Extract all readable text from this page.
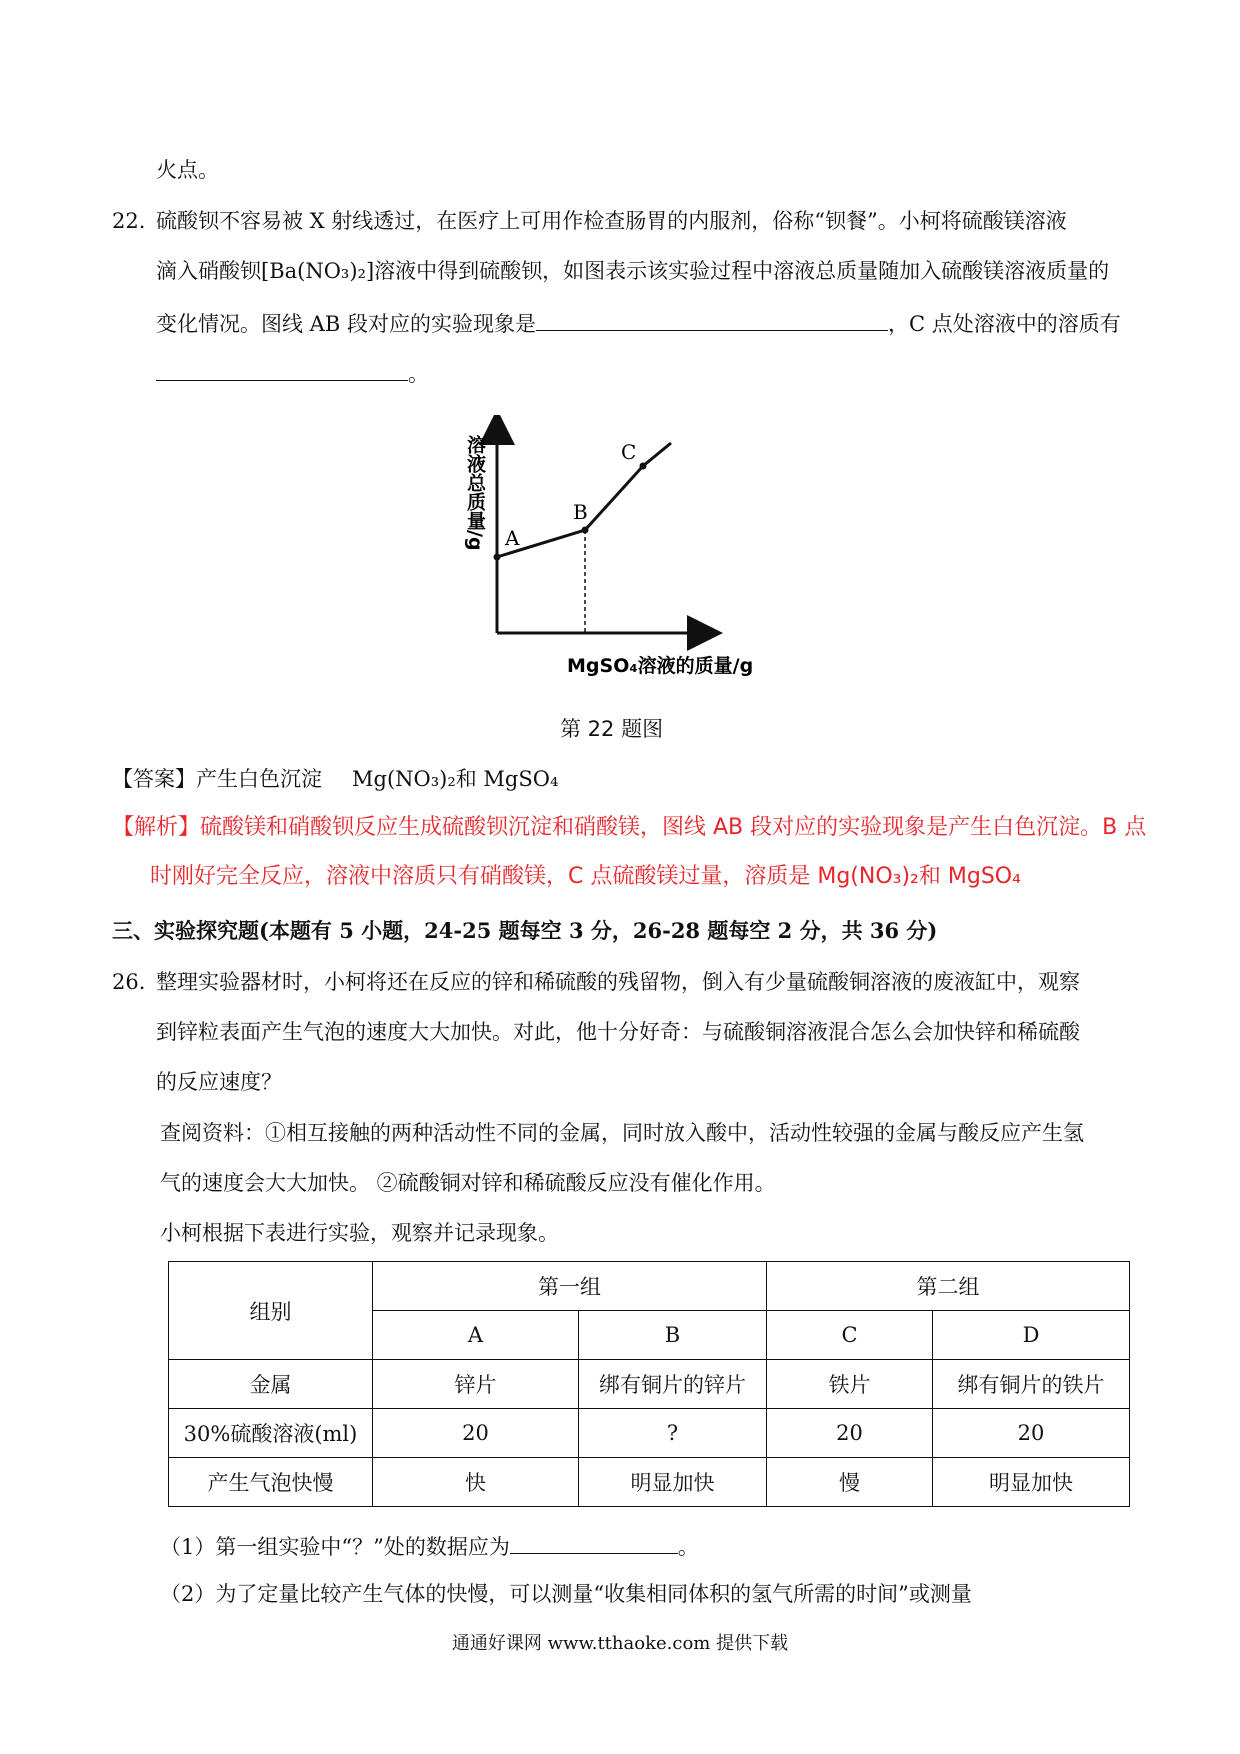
火点。
22. 硫酸钡不容易被 X 射线透过，在医疗上可用作检查肠胃的内服剂，俗称“钡餐”。小柯将硫酸镁溶液
滴入硝酸钡[Ba(NO₃)₂]溶液中得到硫酸钡，如图表示该实验过程中溶液总质量随加入硫酸镁溶液质量的
变化情况。图线 AB 段对应的实验现象是	，C 点处溶液中的溶质有
。
A
B
C
溶液总质量/g
MgSO₄溶液的质量/g
第 22 题图
【答案】产生白色沉淀 Mg(NO₃)₂和 MgSO₄
【解析】硫酸镁和硝酸钡反应生成硫酸钡沉淀和硝酸镁，图线 AB 段对应的实验现象是产生白色沉淀。B 点
时刚好完全反应，溶液中溶质只有硝酸镁，C 点硫酸镁过量，溶质是 Mg(NO₃)₂和 MgSO₄
三、实验探究题(本题有 5 小题，24-25 题每空 3 分，26-28 题每空 2 分，共 36 分)
26. 整理实验器材时，小柯将还在反应的锌和稀硫酸的残留物，倒入有少量硫酸铜溶液的废液缸中，观察
到锌粒表面产生气泡的速度大大加快。对此，他十分好奇：与硫酸铜溶液混合怎么会加快锌和稀硫酸
的反应速度？
查阅资料：①相互接触的两种活动性不同的金属，同时放入酸中，活动性较强的金属与酸反应产生氢
气的速度会大大加快。 ②硫酸铜对锌和稀硫酸反应没有催化作用。
小柯根据下表进行实验，观察并记录现象。
组别	第一组		第二组	
	A	B	C	D
金属	锌片	绑有铜片的锌片	铁片	绑有铜片的铁片
30%硫酸溶液(ml)	20	?	20	20
产生气泡快慢	快	明显加快	慢	明显加快
（1）第一组实验中“？”处的数据应为	。
（2）为了定量比较产生气体的快慢，可以测量“收集相同体积的氢气所需的时间”或测量
通通好课网 www.tthaoke.com 提供下载
